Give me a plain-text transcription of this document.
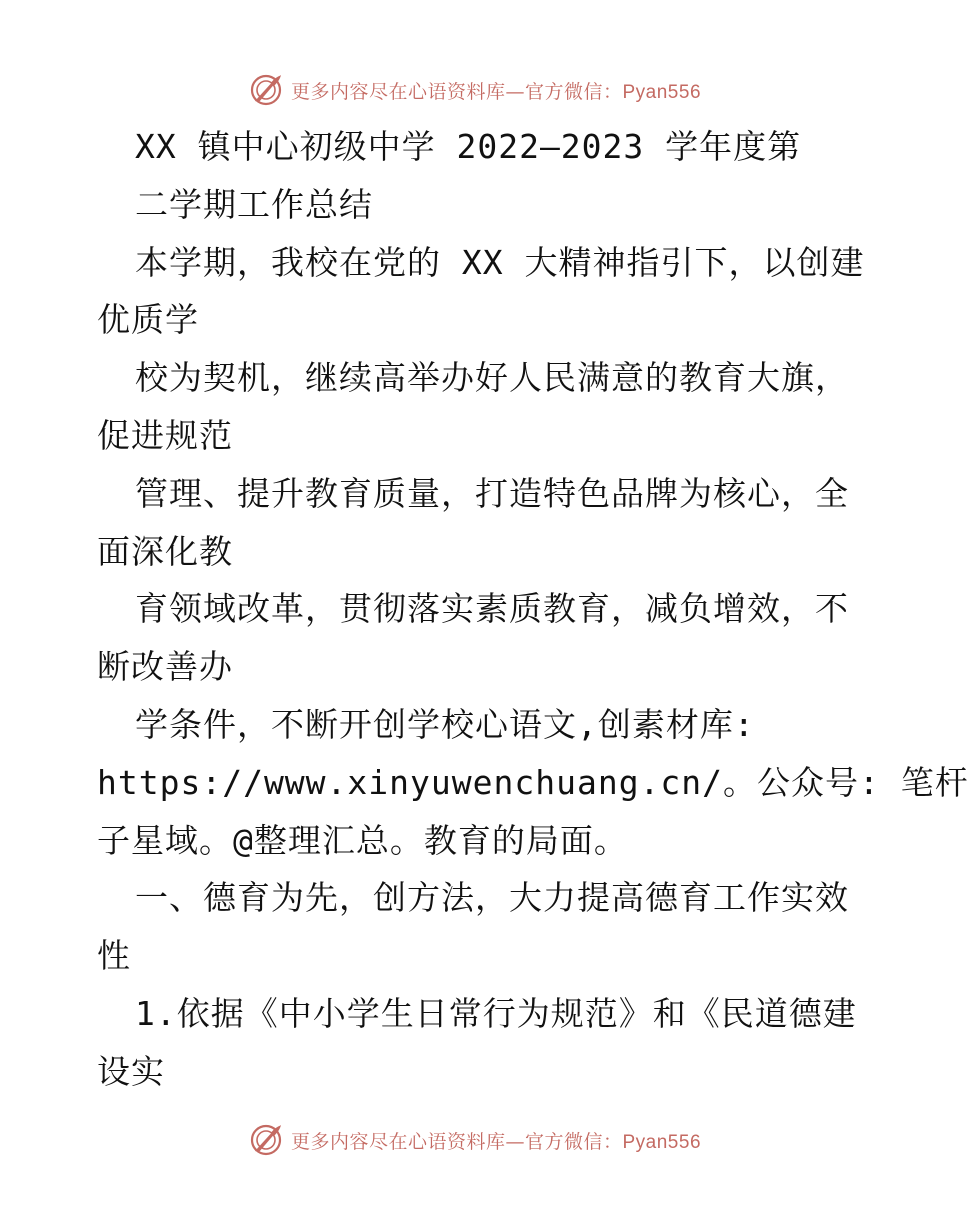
更多内容尽在心语资料库—官方微信：Pyan556
XX 镇中心初级中学 2022—2023 学年度第
二学期工作总结
本学期，我校在党的 XX 大精神指引下，以创建
优质学
校为契机，继续高举办好人民满意的教育大旗，
促进规范
管理、提升教育质量，打造特色品牌为核心，全
面深化教
育领域改革，贯彻落实素质教育，减负增效，不
断改善办
学条件，不断开创学校心语文,创素材库:
https://www.xinyuwenchuang.cn/。公众号: 笔杆
子星域。@整理汇总。教育的局面。
一、德育为先，创方法，大力提高德育工作实效
性
1.依据《中小学生日常行为规范》和《民道德建
设实
更多内容尽在心语资料库—官方微信：Pyan556
